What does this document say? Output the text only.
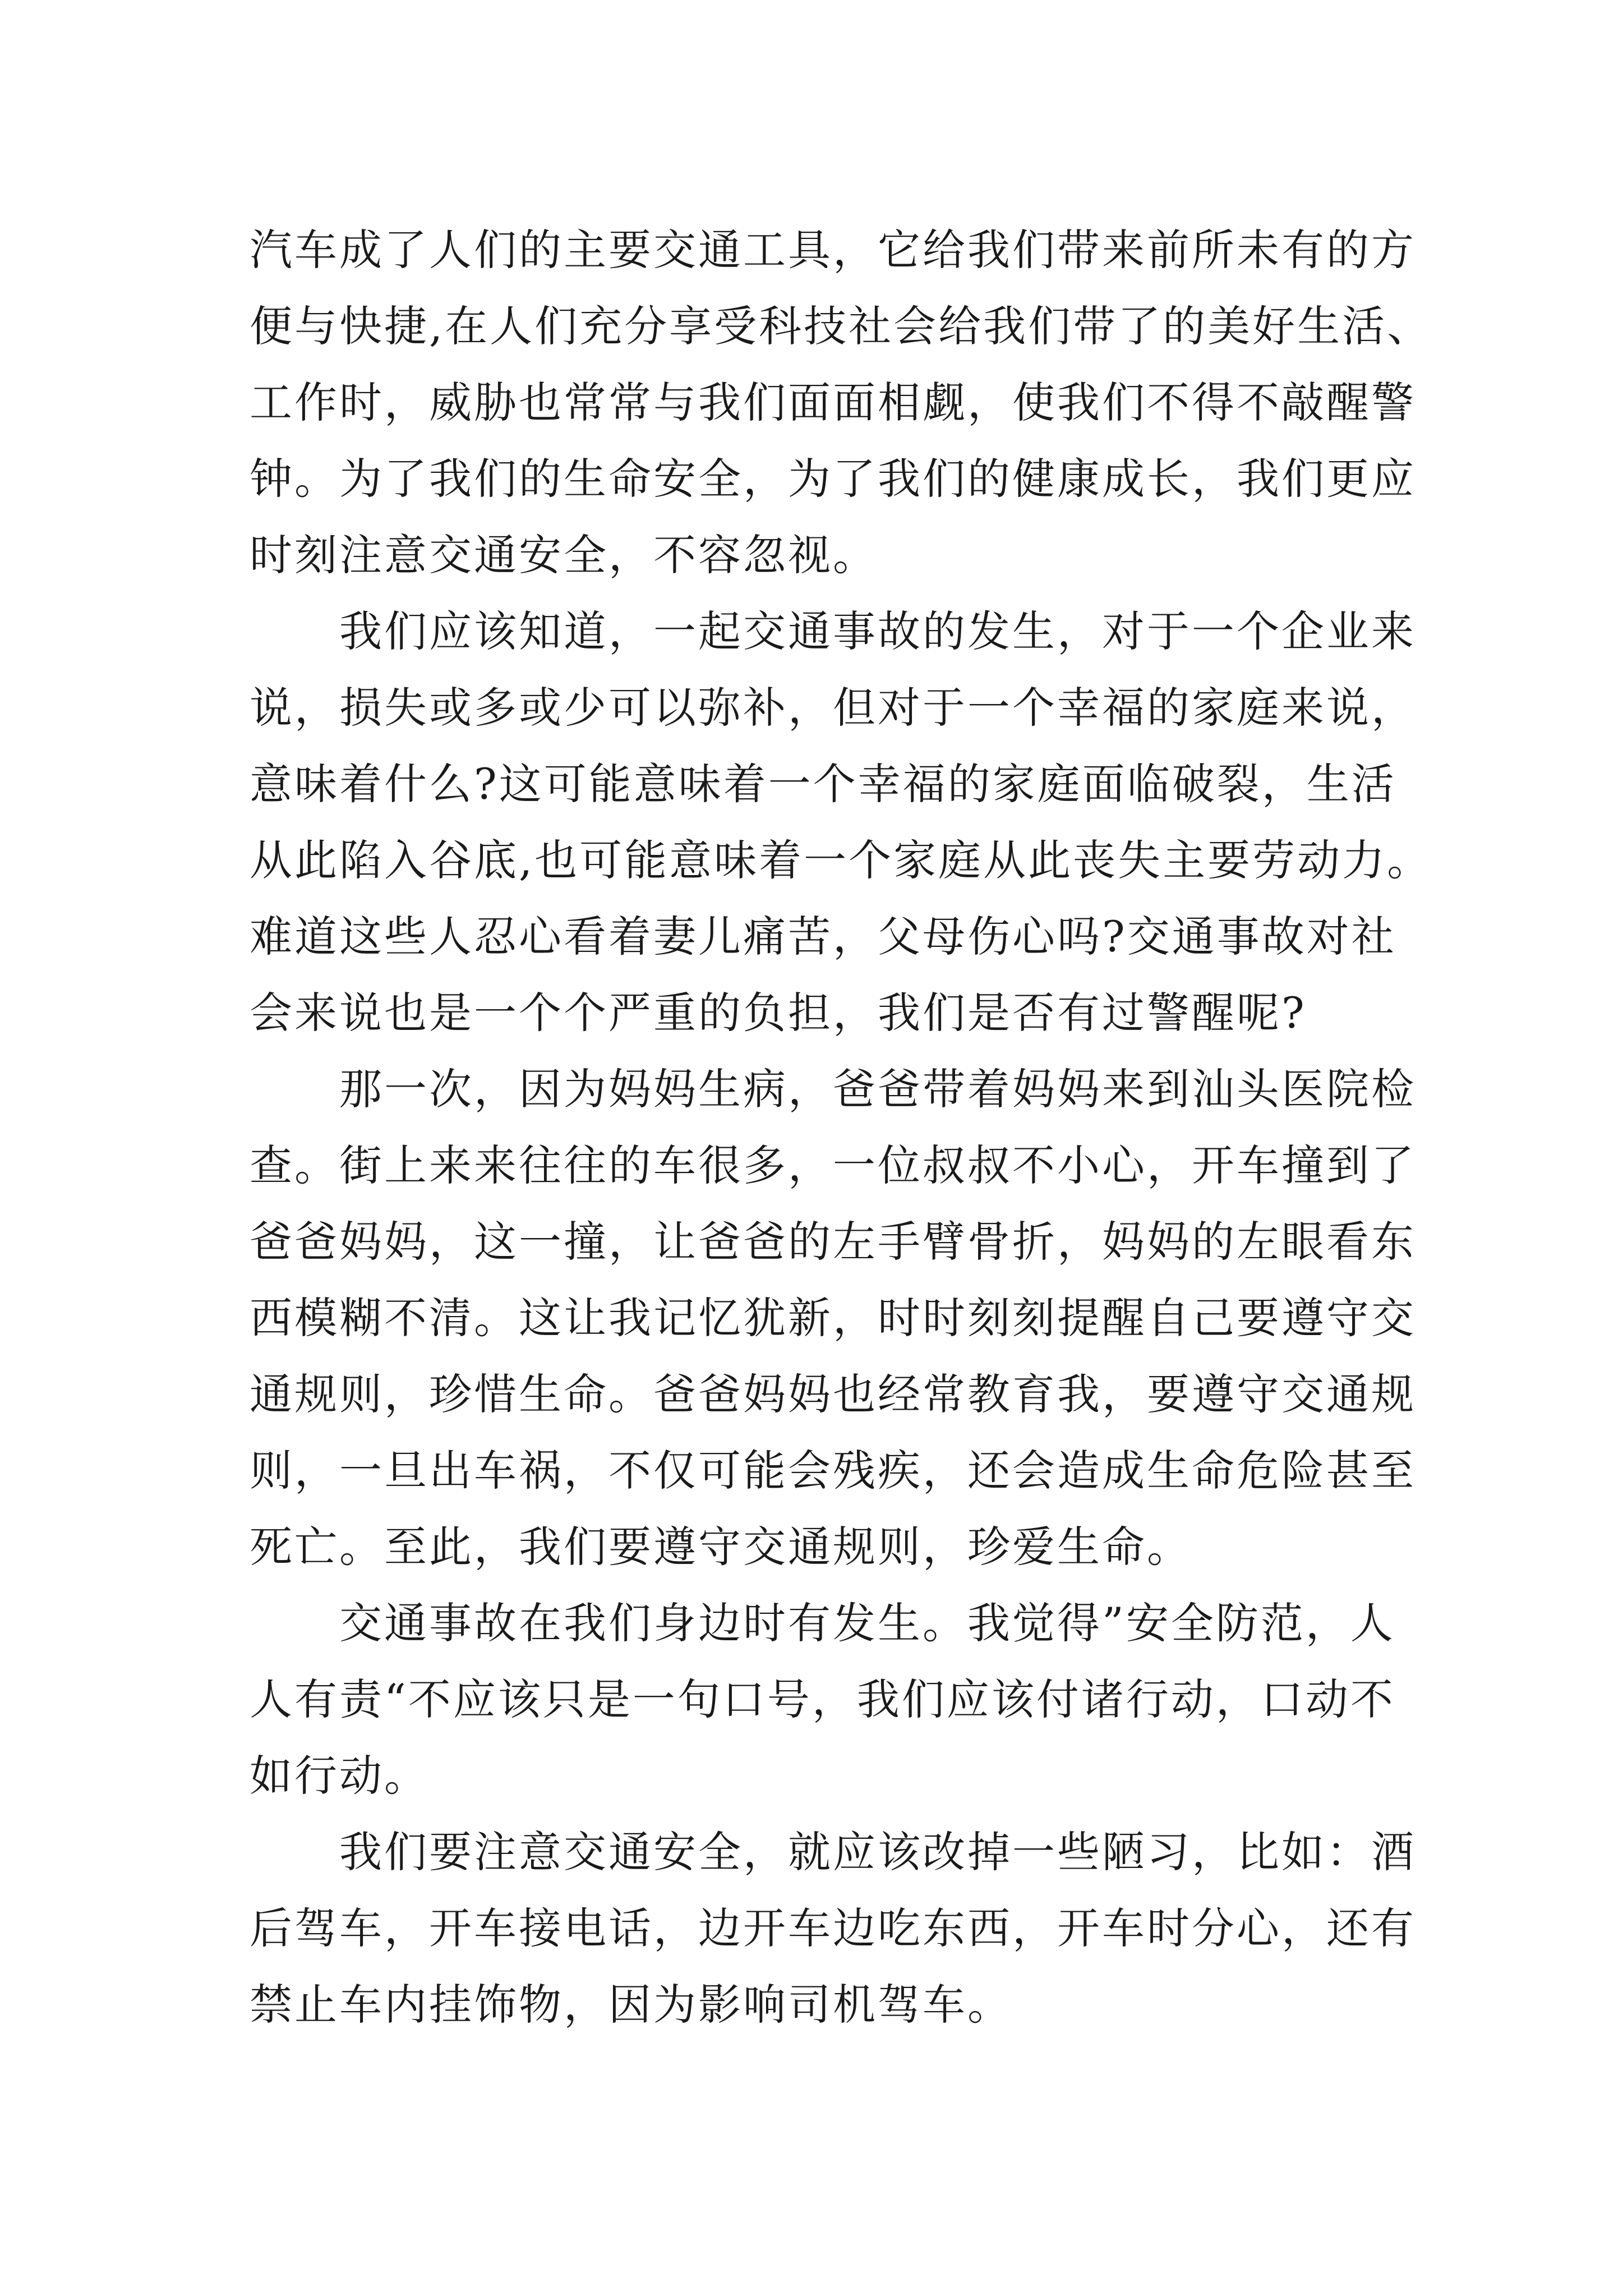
汽车成了人们的主要交通工具，它给我们带来前所未有的方
便与快捷,在人们充分享受科技社会给我们带了的美好生活、
工作时，威胁也常常与我们面面相觑，使我们不得不敲醒警
钟。为了我们的生命安全，为了我们的健康成长，我们更应
时刻注意交通安全，不容忽视。
　　我们应该知道，一起交通事故的发生，对于一个企业来
说，损失或多或少可以弥补，但对于一个幸福的家庭来说，
意味着什么?这可能意味着一个幸福的家庭面临破裂，生活
从此陷入谷底,也可能意味着一个家庭从此丧失主要劳动力。
难道这些人忍心看着妻儿痛苦，父母伤心吗?交通事故对社
会来说也是一个个严重的负担，我们是否有过警醒呢?
　　那一次，因为妈妈生病，爸爸带着妈妈来到汕头医院检
查。街上来来往往的车很多，一位叔叔不小心，开车撞到了
爸爸妈妈，这一撞，让爸爸的左手臂骨折，妈妈的左眼看东
西模糊不清。这让我记忆犹新，时时刻刻提醒自己要遵守交
通规则，珍惜生命。爸爸妈妈也经常教育我，要遵守交通规
则，一旦出车祸，不仅可能会残疾，还会造成生命危险甚至
死亡。至此，我们要遵守交通规则，珍爱生命。
　　交通事故在我们身边时有发生。我觉得”安全防范，人
人有责“不应该只是一句口号，我们应该付诸行动，口动不
如行动。
　　我们要注意交通安全，就应该改掉一些陋习，比如：酒
后驾车，开车接电话，边开车边吃东西，开车时分心，还有
禁止车内挂饰物，因为影响司机驾车。
